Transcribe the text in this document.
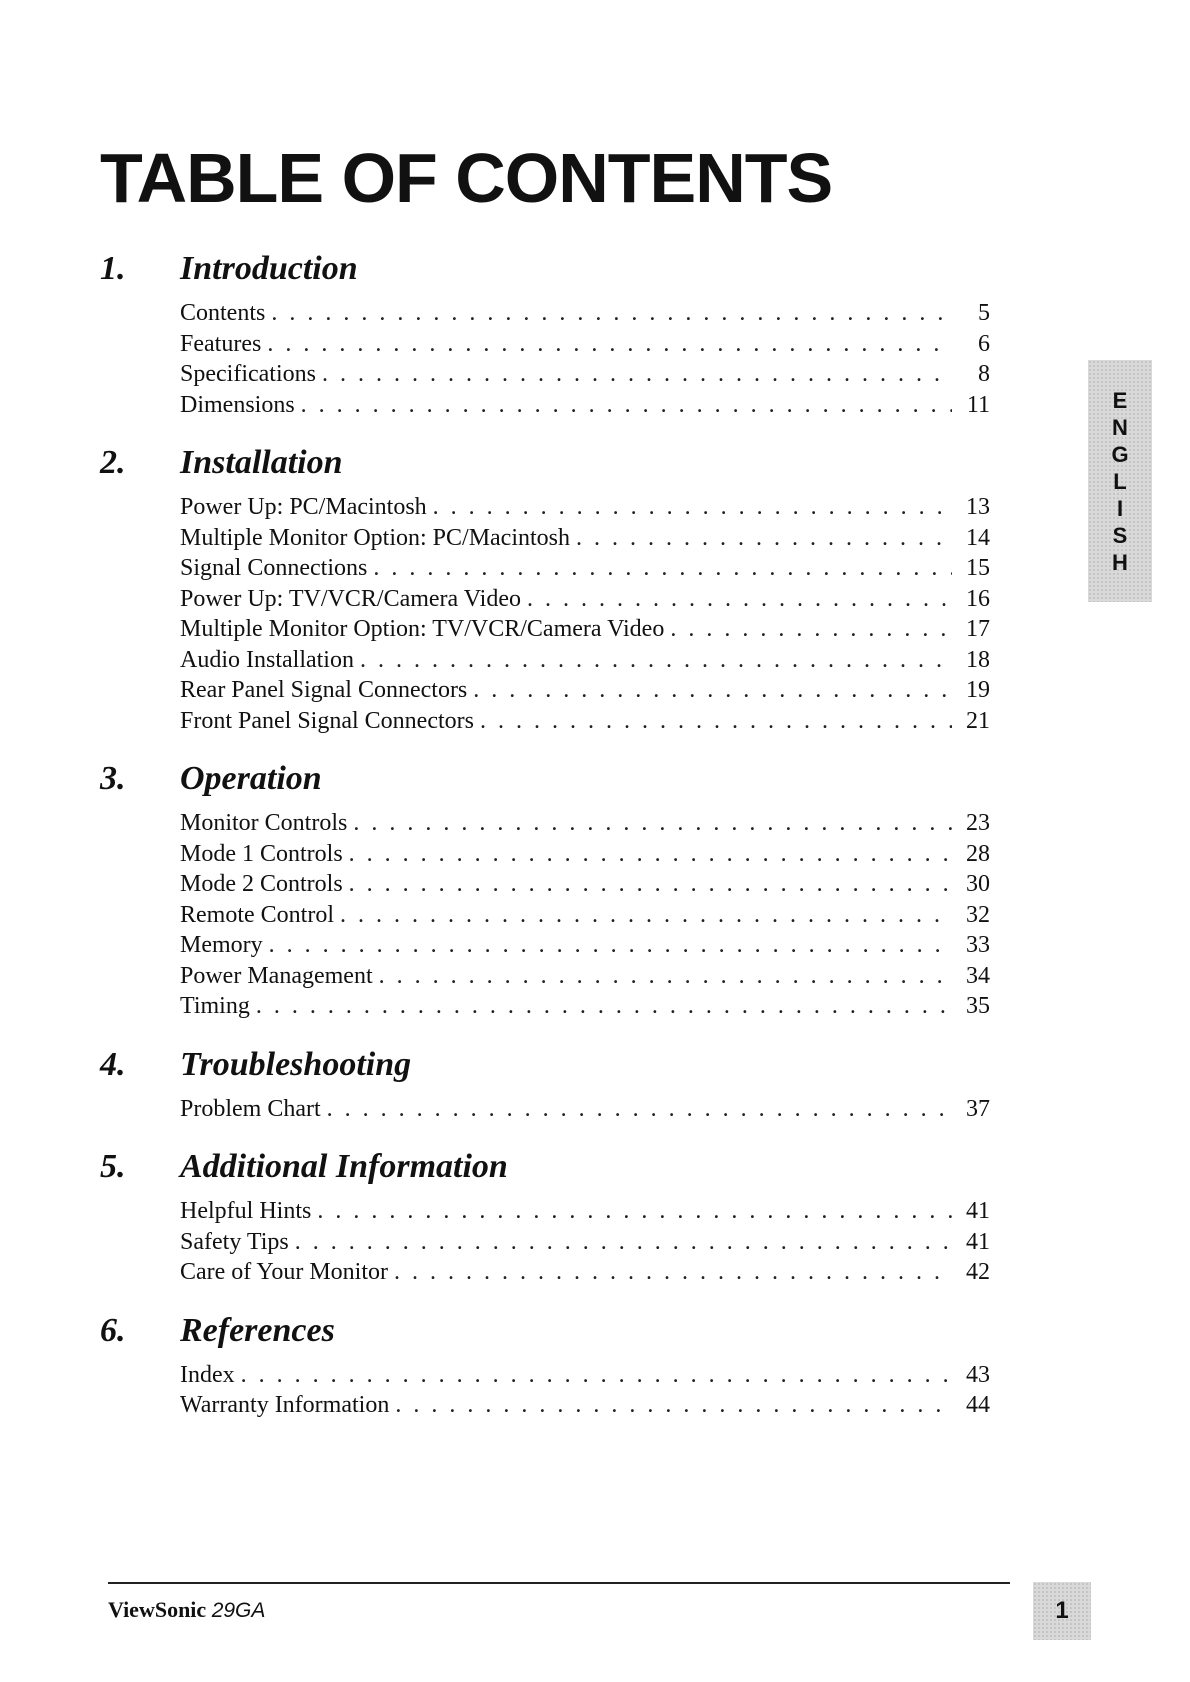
TABLE OF CONTENTS
1.	Introduction
Contents . . .	5
Features . . .	6
Specifications . . .	8
Dimensions . . .	11
2.	Installation
Power Up: PC/Macintosh . . .	13
Multiple Monitor Option: PC/Macintosh . . .	14
Signal Connections . . .	15
Power Up: TV/VCR/Camera Video . . .	16
Multiple Monitor Option: TV/VCR/Camera Video . . .	17
Audio Installation . . .	18
Rear Panel Signal Connectors . . .	19
Front Panel Signal Connectors . . .	21
3.	Operation
Monitor Controls . . .	23
Mode 1 Controls . . .	28
Mode 2 Controls . . .	30
Remote Control . . .	32
Memory . . .	33
Power Management . . .	34
Timing . . .	35
4.	Troubleshooting
Problem Chart . . .	37
5.	Additional Information
Helpful Hints . . .	41
Safety Tips . . .	41
Care of Your Monitor . . .	42
6.	References
Index . . .	43
Warranty Information . . .	44
E
N
G
L
I
S
H
ViewSonic 29GA	1
